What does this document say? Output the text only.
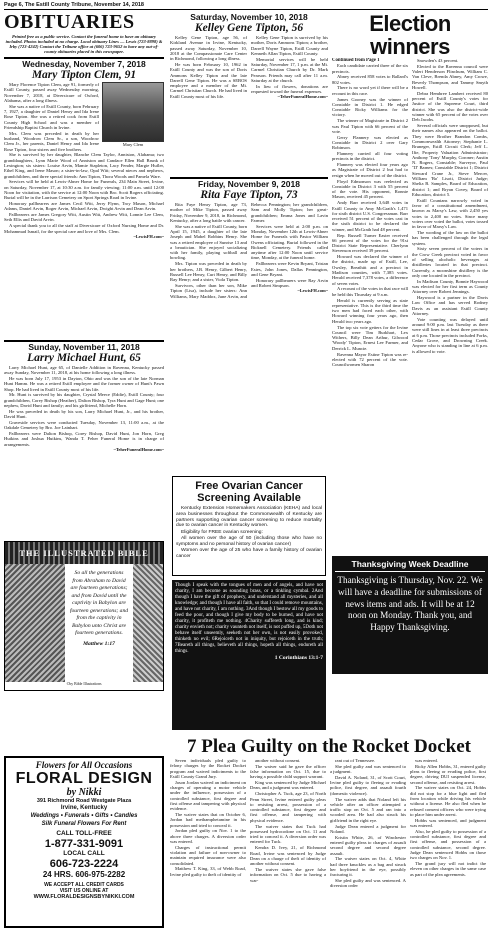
Page 6, The Estill County Tribune, November 14, 2018
OBITUARIES
Printed free as a public service. Contact the funeral home to have an obituary included. Photos included at no charge. Local obituary Lines — Lewis (723-8898) & Irby (723-4242) Contact the Tribune office at (606) 723-9652 to have any out-of-county obituaries placed in this newspaper.
Wednesday, November 7, 2018
Mary Tipton Clem, 91
Mary Clem

Mary Florence Tipton Clem, age 91, formerly of Estill County, passed away Wednesday morning, November 7, 2018, at Diversicare of Oxford, Alabama, after a long illness.

She was a native of Estill County, born February 7, 1927, a daughter of Daniel Henry and Ida Irene Rose Tipton. She was a retired cook from Estill County High School and was a member of Friendship Baptist Church in Irvine.

Mrs. Clem was preceded in death by her husband, Woodrow Clem Sr., a son, Woodrow Clem Jr., her parents, Daniel Henry and Ida Irene Rose Tipton, four sisters and five brothers.

She is survived by her daughter, Blanche Clem Taylor, Anniston, Alabama; two granddaughters, Lynn Marie Wood of Anniston and Candace Ellen Hall Brunk of Lexington; six sisters: Louise Arvin, Mamie Stapleton, Lacy Fender, Margie Hufler, Ethel King, and Irene Mason; a sister-in-law, Opal Witt; several nieces and nephews, grandchildren, and three special friends: Ann Tipton, Thora Woods and Pamela Ware.

Services will be held at Lewis-Abner Home for Funerals, 234 Main Street, Irvine, on Saturday, November 17, at 10:30 a.m. for family viewing; 11:00 a.m. until 12:00 Noon for visitation, with the service at 12:00 Noon with Bro. Scott Rogers officiating. Burial will be in the Larrison Cemetery on Sport Springs Road in Irvine.

Honorary pallbearers are James Cecil Witt, Jerry Flynn, Troy Mason, Michael Adams, Daniel Arvin, Roger Arvin, Michael Arvin, Dwight Arvin and Dean Arvin.

Pallbearers are James Gregory Witt, Austin Witt, Andrew Witt, Lonnie Lee Clem, Seth Ellis and David Arvin.

A special thank you to all the staff at Diversicare of Oxford Nursing Home and Dr. Mohammad Ismail, for the special care and love of Mrs. Clem.

~LewisFH.com~
Sunday, November 11, 2018
Larry Michael Hunt, 65

Larry Michael Hunt, age 65, of Danielle Addition in Ravenna, Kentucky passed away Sunday, November 11, 2018, at his home following a long illness.

He was born July 17, 1953 in Dayton, Ohio and was the son of the late Norman Hunt Hamm. He was a retired Estill employee and the former owner of Hunt's Pawn Shop. He had lived in Estill County most of his life.

Mr. Hunt is survived by his daughter, Crystal Meece (Eddie), Estill County; four grandchildren, Corey Bishop (Heather), Dalton Bishop, Tyra Hunt and Gage Hunt; one nephew, David Hunt and family; and his girlfriend, Michelle Horn.

He was preceded in death by his son, Larry Michael Hunt, Jr., and his brother, David Hunt.

Graveside services were conducted Tuesday, November 13, 11:00 a.m., at the Oakdale Cemetery by Bro. Joe Lainhart.

Pallbearers were Dalton Bishop, Corey Bishop, David Hunt, Jon Horn, Greg Hutkins and Joshua Hutkins, Wanda T. Feher Funeral Home is in charge of arrangements.

~TeherFuneralHome.com~
THE ILLUSTRATED BIBLE
So all the generations from Abraham to David are fourteen generations; and from David until the captivity in Babylon are fourteen generations; and from the captivity in Babylon unto Christ are fourteen generations.
Matthew 1:17
©by Bible Illustrations
Flowers for All Occasions
FLORAL DESIGN
by Nikki
391 Richmond Road Westgate Plaza
Irvine, Kentucky
Weddings • Funerals • Gifts • Candles
Silk Funeral Flowers For Rent
CALL TOLL-FREE
1-877-331-9091
LOCAL CALL
606-723-2224
24 HRS. 606-975-2282
WE ACCEPT ALL CREDIT CARDS
VISIT US ONLINE AT
WWW.FLORALDESIGNSBYNIKKI.COM
Saturday, November 10, 2018
Kelley Gene Tipton, 56

Kelley Gene Tipton, age 56, of Kirkland Avenue in Irvine, Kentucky, passed away Saturday, November 10, 2018 at the Compassionate Care Center in Richmond, following a long illness.

He was born February 10, 1962 in Estill County and was the son of Doris Ammons Kelley Tipton and the late Darrell Gene Tipton. He was a SEBOS employee and a member of the Mt. Carmel Christian Church. He had lived in Estill County most of his life.

Kelley Gene Tipton is survived by his mother, Doris Ammons Tipton; a brother, Darrell Wayne Tipton, Estill County and Kenneth Allan Tipton, Estill County.

Memorial services will be held Saturday, November 17, 1 p.m. at the Mt. Carmel Christian Church by Dr. Mark Pearson. Friends may call after 11 a.m. Saturday at the church.

In lieu of flowers, donations are requested toward the funeral expenses.

~TeherFuneralHome.com~
Friday, November 9, 2018
Rita Faye Tipton, 73

Rita Faye Henry Tipton, age 73, mother of Mike Tipton, passed away Friday, November 9, 2018, in Richmond, Kentucky, after a long battle with cancer.

She was a native of Estill County, born April 15, 1945, a daughter of the late Joseph and Mabel Robbins Henry. She was a retired employee of Sunrise 13 and a beautician. She enjoyed socializing with her family, playing softball and bowling.

Mrs. Tipton was preceded in death by her brothers, J.B. Henry, Gilbert Henry, Russell Lee Henry, Curt Henry, and Billy Ray Henry; and a sister, Viola Tipton.

Survivors, other than her son, Mike Tipton (Lisa), include her sisters: Ann Williams, Mary Maddox, June Arvin, and Rebecca Pennington; her grandchildren, Sam and Molly Tipton; her great-grandchildren; Emma Jones and Lavin Farmer.

Services were held at 2:00 p.m. on Monday, November 12th at Lewis-Abner Home for Funerals with Pastor William Owens officiating. Burial followed in the Bicknell Cemetery. Friends called anytime after 12:00 Noon until service time, Monday, at the funeral home.

Pallbearers were Kevin Bryant, Tristan Estes, John Jones, Dallas Pennington, and Gene Bryant.

Honorary pallbearers were Ray Arvin and Robert Simpson.

~LewisFH.com~
Free Ovarian Cancer Screening Available

Kentucky Extension Homemakers Association (KEHA) and local area businesses throughout the Commonwealth of Kentucky are partners supporting ovarian cancer screening to reduce mortality due to ovarian cancer in Kentucky women.

Eligibility for FREE ovarian screening:

All women over the age of 50 (including those who have no symptoms and no personal history of ovarian cancer)

Women over the age of 25 who have a family history of ovarian cancer

Though I speak with the tongues of men and of angels, and have not charity, I am become as sounding brass, or a tinkling cymbal. 2And though I have the gift of prophecy, and understand all mysteries, and all knowledge; and though I have all faith, so that I could remove mountains, and have not charity, I am nothing. 3And though I bestow all my goods to feed the poor, and though I give my body to be burned, and have not charity, it profiteth me nothing. 4Charity suffereth long, and is kind; charity envieth not; charity vaunteth not itself, is not puffed up, 5Doth not behave itself unseemly, seeketh not her own, is not easily provoked, thinketh no evil; 6Rejoiceth not in iniquity, but rejoiceth in the truth; 7Beareth all things, believeth all things, hopeth all things, endureth all things.
1 Corinthians 13:1-7
Election winners
Continued from Page 1

Each candidate carried three of the six precincts.

Abney received 858 votes to Ballard's 802 votes.

There is no word yet if there will be a recount in this race.

James Gooney was the winner of Constable in District 1. He edged Constable Ricky Williams for the victory.

The winner of Magistrate in District 2 was Paul Tipton with 66 percent of the vote.

Gerry Flannery was elected as Constable in District 2 over Gary Robinson.

Flannery carried all four voting precincts in the district.

Flannery was elected four years ago as Magistrate of District 2 but had to resign when he moved out of the district.

Floyd Edmonson was reelected as Constable in District 3 with 55 percent of the vote. His opponent, Ronnie Mason, received 45 percent.

Andy Barr received 3,648 votes in Estill County to Amy McGrath's 1,471 for sixth district U.S. Congressman. Barr received 51 percent of the votes cast in the sixth district to be declared the winner, and McGrath had 48 percent.

Rep. Russell Turner Easter received 66 percent of the votes for the 91st District State Representative. Cherlynn Stevenson received 39 percent.

Howard was declared the winner of the district, made up of Estill, Lee, Owsley, Breathitt and a precinct in Madison counties, with 7,385 votes. Herald received 7,378 votes, a difference of seven votes.

A recount of the votes in that race will be held this Thursday at 9 a.m.

Herald is currently serving as state representative. This is the third time the two men had faced each other, with Howard winning four years ago, then Herald two years ago.

The top six vote getters for the Irvine Council were Tim Burkhart, Lex Withers, Billy Dean Arthur, Gilwood 'Woody' Tipton, Ernest Lee Farmer, and Derrick L. Muncie.

Ravenna Mayor Estine Tipton was re-elected with 72 percent of the vote. Councilwomen Sharon

Snowden's 43 percent.

Elected to the Ravenna council were Valeri Henderson Flinchum, William C. Van Cleve, Brenda Abney, Amy Crowe, Beverly Thompson, and Tammy Smyth Howell.

Debra Hembree Lambert received 80 percent of Estill County's votes for Justice of the Supreme Court, third district. She was also the district-wide winner with 65 percent of the votes over Deb Jacobs.

Several officials were unopposed, but their names also appeared on the ballot. They were Brother Brandon Combs, Commonwealth Attorney; Stephanie L. Bruneger, Estill Circuit Clerk; Jeff L. Ifie, Property Valuation Administrator; Anthony 'Tony' Murphy, Coroner; Austin N. Rogers, Constable; Surveyor, Paul 'TJ' Barnes; Constable District 1; District Steward Crane Jr., Steve Mercer, William 'Bo' Lisoti, District Judge; Shelia B. Samples, Board of Education, district 1; and Bryan Covey, Board of Education, district 5.

Estill Counians narrowly voted in favor of a constitutional amendment, known as Marsy's Law, with 2,450 yes votes to 2,400 no votes. Since many voters over voted the ballot, votes tossed in favor of Marsy's Law.

The wording of the law on the ballot has been challenged through the legal system.

Sixty seven percent of the voters in the Crow Creek precinct voted in favor of selling alcoholic beverages at distilleries located in that precinct. Currently, a moonshine distillery is the only one located in the precinct.

In Madison County, Bonnie Haywood was elected for her first term as County Attorney over Robert Jennings.

Haywood is a partner in the Davis Law Office and has served Rodney Davis as an assistant Estill County Attorney.

Vote counting was delayed until around 9:00 p.m. last Tuesday as there were still lines in at least three precincts at 6 p.m. Those precincts included Forks, Cedar Grove, and Drowning Creek. Anyone who is standing in line at 6 p.m. is allowed to vote.

Thanksgiving Week Deadline
Thanksgiving is Thursday, Nov. 22. We will have a deadline for submissions of news items and ads. It will be at 12 noon on Monday. Thank you, and Happy Thanksgiving.
7 Plea Guilty on the Rocket Docket

Seven individuals pled guilty to felony charges by the Rocket Docket program and waived indictments to the Estill County Grand Jury.

Jason Jordan waived an indictment on charges of operating a motor vehicle under the influence, possession of a controlled substance, first degree and first offense and tampering with physical evidence.

The waiver states that on October 6, Jordan had methamphetamine in his possession and tried to conceal it.

Jordan pled guilty on Nov. 1 to the above three charges. A diversion order was entered.

Charges of instructional permit violation and failure of non-owner to maintain required insurance were also consolidated.

Matthew T. King, 33, of Webb Road, Irvine pled guilty to theft of identity of

another without consent.

The waiver said he gave the officer false information on Oct. 15, due to having a possible child support warrant.

King was sentenced by Judge Michael Dean, and a judgment was entered.

Christopher A. Tuck, age 23, of North Penn Street, Irvine entered guilty pleas to resisting arrest, possession of a controlled substance, first degree and first offense, and tampering with physical evidence.

The waiver states that Tuck had possessed hydrocodone on Oct. 11 and tried to conceal it. A diversion order was entered for Tuck.

Kendra D. Ivey, 21, of Richmond Road, Irvine was sentenced by Judge Dean on a charge of theft of identity of another without consent.

The waiver states she gave false information on Oct. 5 due to having a war-

rant out of Tennessee.

She pled guilty and was sentenced to a judgment.

David A. Noland, 31, of Scott Court, Irvine pled guilty to fleeing or evading police, first degree, and assault fourth (domestic violence).

The waiver adds that Noland left his vehicle after an officer attempted a traffic stop on Oct. 5 and ran into a wooded area. He had also struck his girlfriend in the right eye.

Judge Dean entered a judgment for Noland.

Kristin White, 26, of Winchester entered guilty pleas to charges of assault second degree and second degree assault.

The waiver states on Oct. 4, White had three knuckles as a bag and struck her boyfriend in the eye, possibly fracturing it.

She pled guilty and was sentenced. A diversion order

was entered.

Ricky Allen Hobbs, 31, entered guilty pleas to fleeing or evading police, first degree, driving DUI suspended license, second offense, and resisting arrest.

The waiver states on Oct. 24, Hobbs did not stop for a blue light and fled from location while driving his vehicle without a license. He also fled when he refused consent officers who were trying to place him under arrest.

Hobbs was sentenced, and judgment was entered.

Also, he pled guilty to possession of a controlled substance, first degree and first offense, and possession of a controlled substance, second degree. Judge Dean sentenced Hobbs on those two charges on Nov. 1.

The grand jury will not indict the eleven on other charges in the same case as part of the plea agreements.
